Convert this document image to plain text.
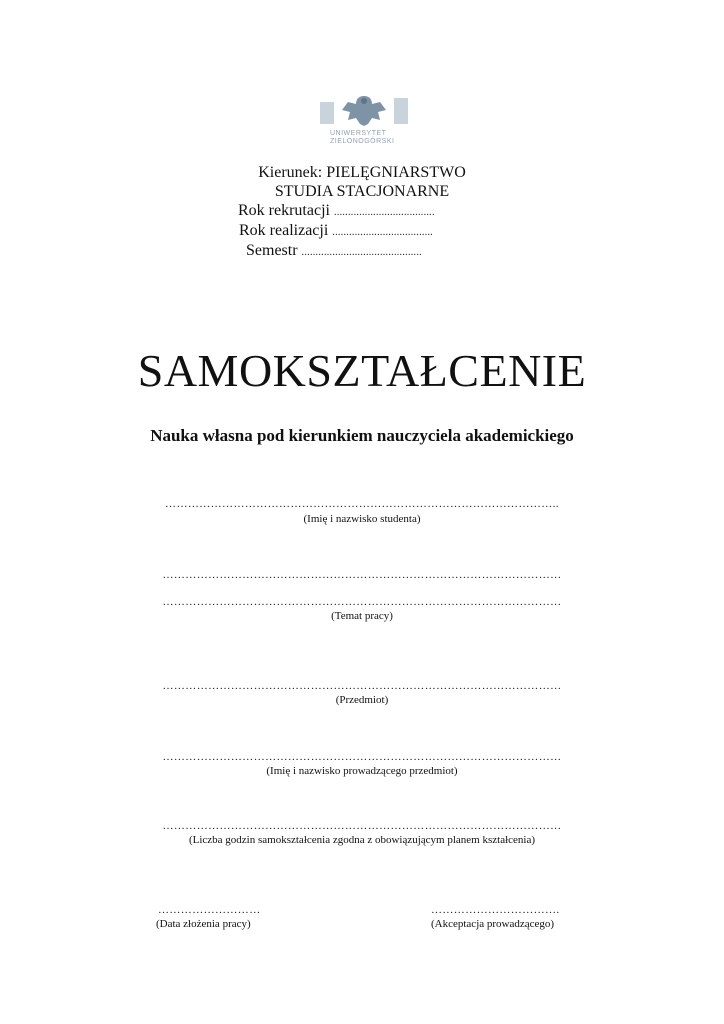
UNIWERSYTET
ZIELONOGÓRSKI
Kierunek: PIELĘGNIARSTWO
STUDIA STACJONARNE
Rok rekrutacji ....................................
Rok realizacji ....................................
Semestr ...........................................
SAMOKSZTAŁCENIE
Nauka własna pod kierunkiem nauczyciela akademickiego
…………………………………………………………………………………………..
(Imię i nazwisko studenta)
……………………………………………………………………………………………
……………………………………………………………………………………………
(Temat pracy)
……………………………………………………………………………………………
(Przedmiot)
……………………………………………………………………………………………
(Imię i nazwisko prowadzącego przedmiot)
……………………………………………………………………………………………
(Liczba godzin samokształcenia zgodna z obowiązującym planem kształcenia)
………………………
(Data złożenia pracy)
…………………………….
(Akceptacja prowadzącego)
